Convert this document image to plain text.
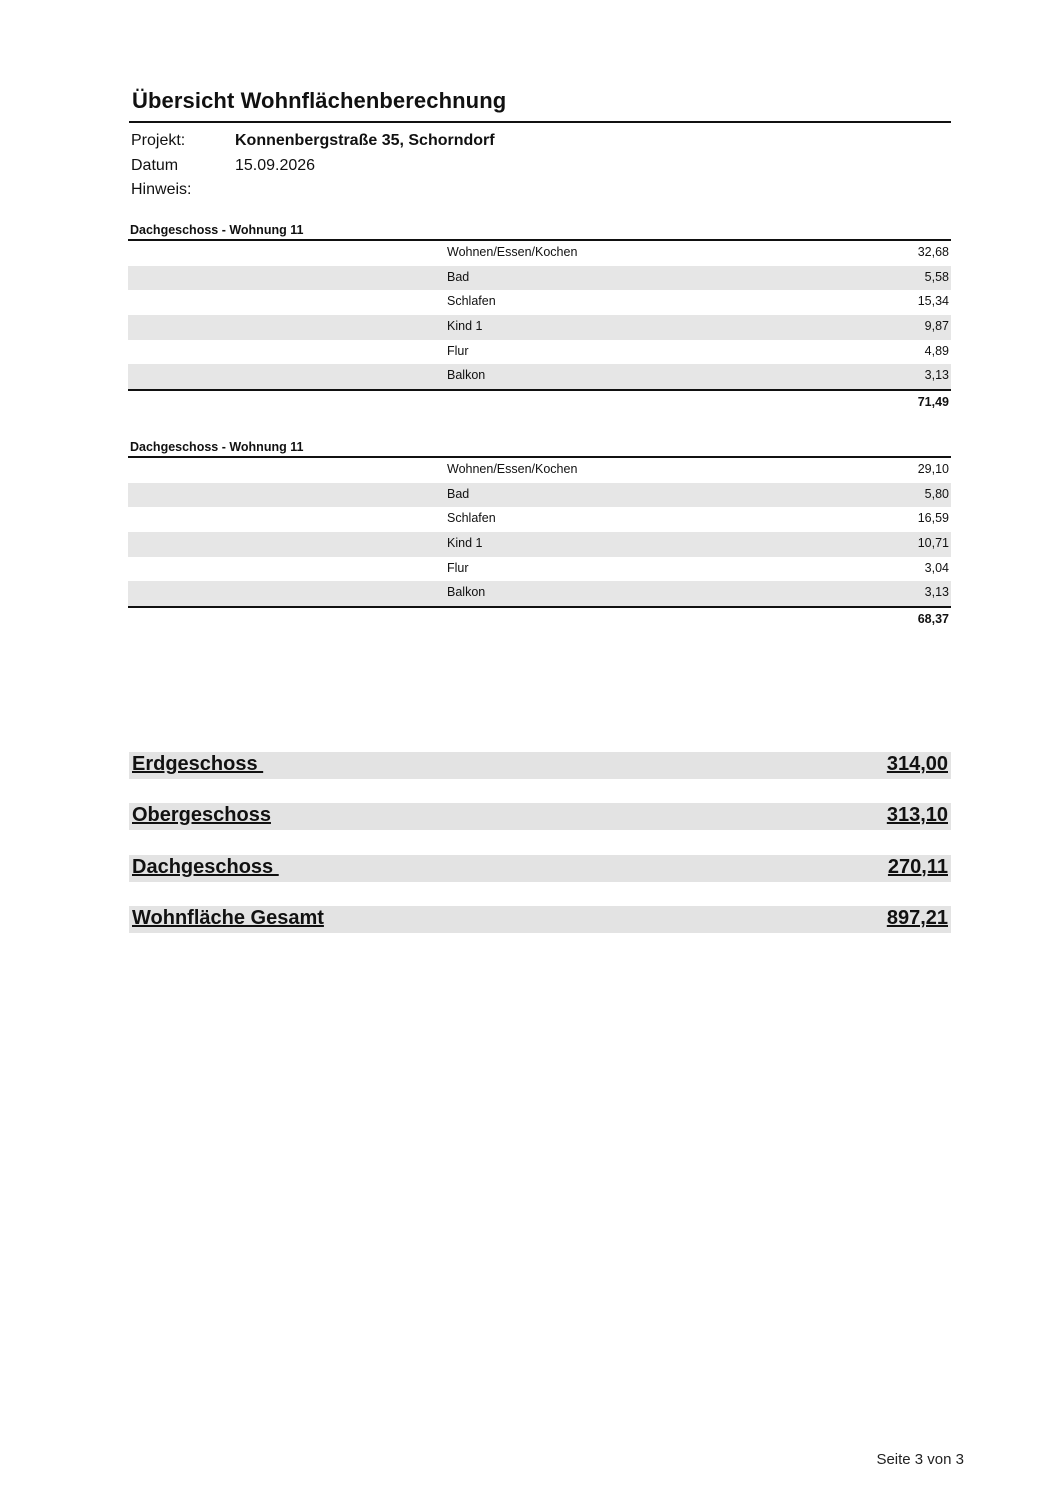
Übersicht Wohnflächenberechnung
Projekt:	Konnenbergstraße 35, Schorndorf
Datum	15.09.2026
Hinweis:
Dachgeschoss - Wohnung 11
Wohnen/Essen/Kochen	32,68
Bad	5,58
Schlafen	15,34
Kind 1	9,87
Flur	4,89
Balkon	3,13
71,49
Dachgeschoss - Wohnung 11
Wohnen/Essen/Kochen	29,10
Bad	5,80
Schlafen	16,59
Kind 1	10,71
Flur	3,04
Balkon	3,13
68,37
Erdgeschoss	314,00
Obergeschoss	313,10
Dachgeschoss	270,11
Wohnfläche Gesamt	897,21
Seite 3 von 3
